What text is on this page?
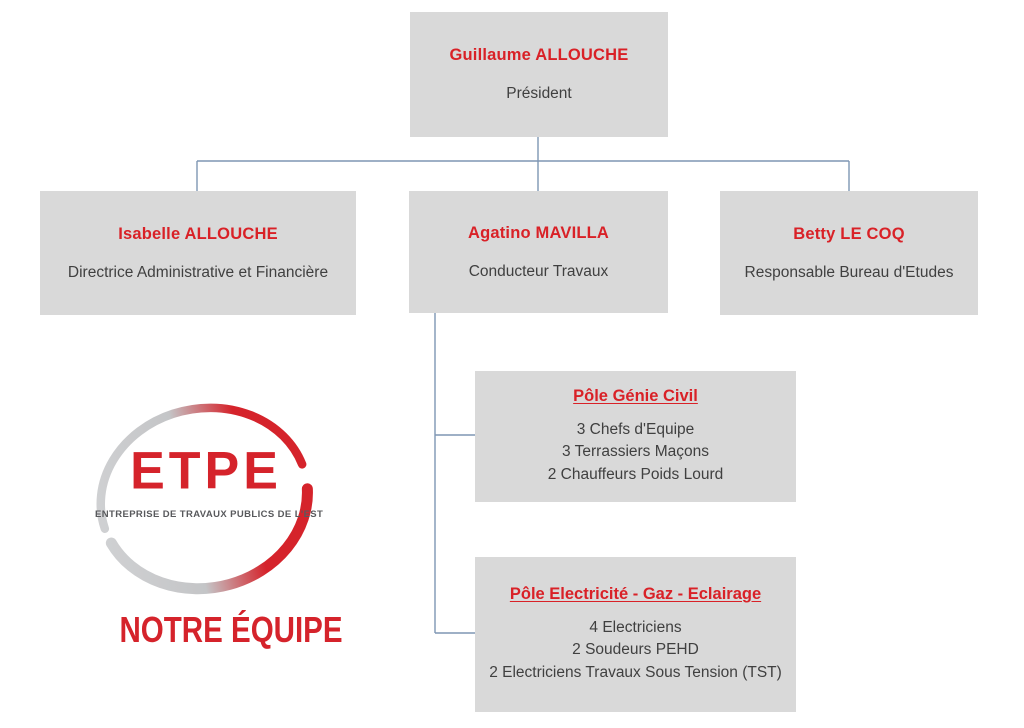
Guillaume ALLOUCHE
Président
Isabelle ALLOUCHE
Directrice Administrative et Financière
Agatino MAVILLA
Conducteur Travaux
Betty LE COQ
Responsable Bureau d'Etudes
Pôle Génie Civil
3 Chefs d'Equipe
3 Terrassiers Maçons
2 Chauffeurs Poids Lourd
Pôle Electricité - Gaz - Eclairage
4 Electriciens
2 Soudeurs PEHD
2 Electriciens Travaux Sous Tension (TST)
ETPE
ENTREPRISE DE TRAVAUX PUBLICS DE L'EST
NOTRE ÉQUIPE
